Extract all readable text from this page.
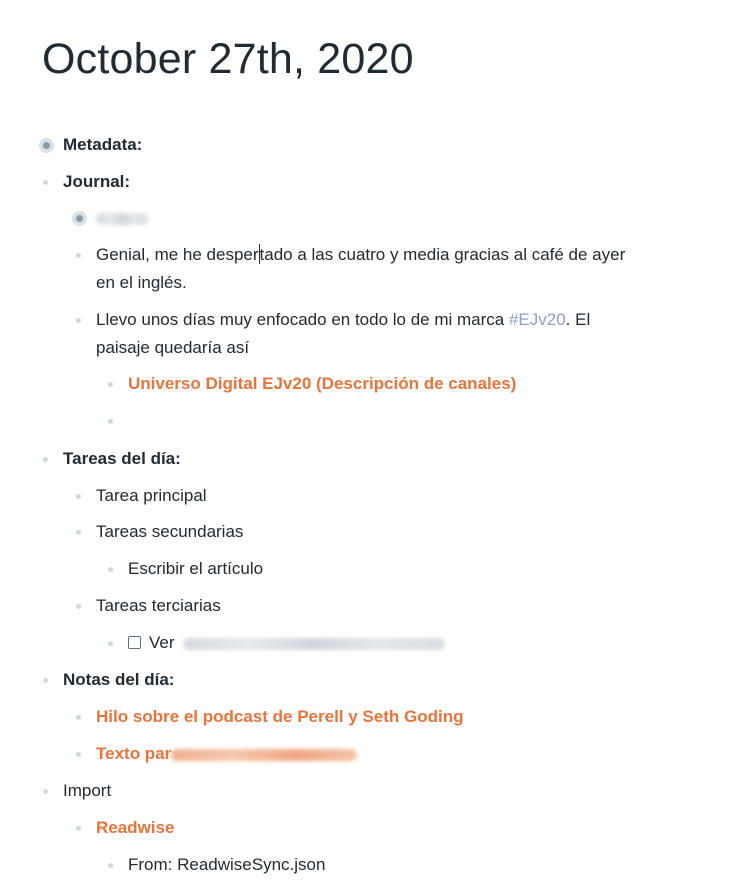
October 27th, 2020
Metadata:
Journal:
Genial, me he despertado a las cuatro y media gracias al café de ayer
en el inglés.
Llevo unos días muy enfocado en todo lo de mi marca #EJv20. El
paisaje quedaría así
Universo Digital EJv20 (Descripción de canales)
Tareas del día:
Tarea principal
Tareas secundarias
Escribir el artículo
Tareas terciarias
Ver
Notas del día:
Hilo sobre el podcast de Perell y Seth Goding
Texto par
Import
Readwise
From: ReadwiseSync.json
